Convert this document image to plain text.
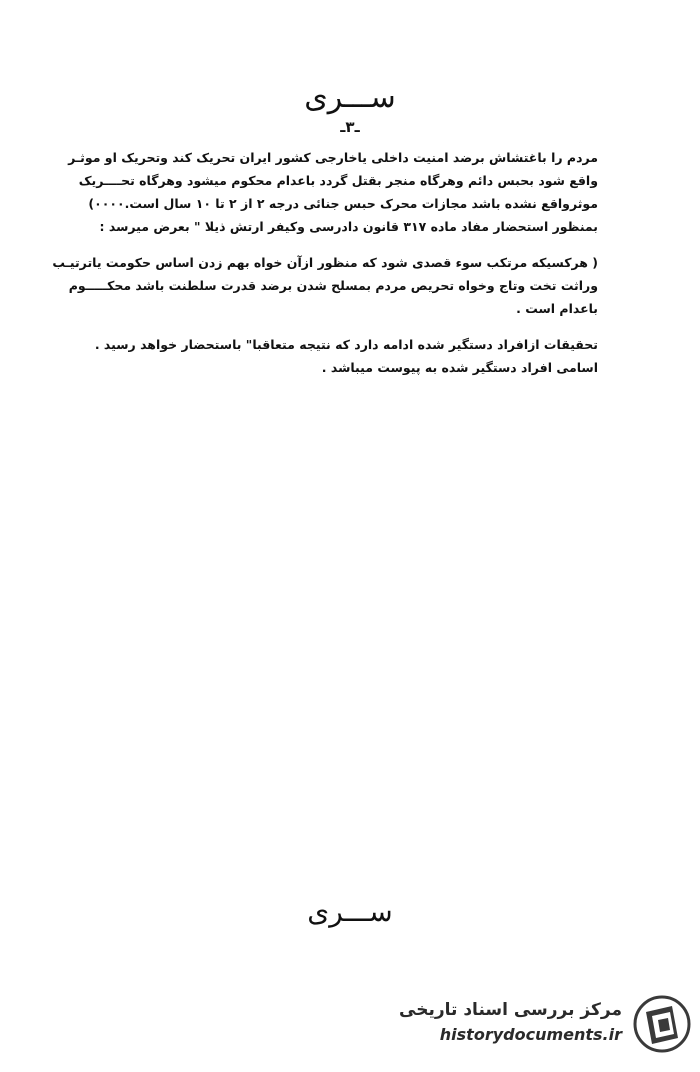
ســـری
ـ٣ـ
مردم را باغتشاش برضد امنیت داخلی یاخارجی کشور ایران تحریک کند وتحریک او موثـر
واقع شود بحبس دائم وهرگاه منجر بقتل گردد باعدام محکوم میشود وهرگاه تحــــریک
موثرواقع نشده باشد مجازات محرک حبس جنائی درجه ٢ از ٢ تا ١٠ سال است.٠٠٠٠)
بمنظور استحضار مفاد ماده ٣١٧ قانون دادرسی وکیفر ارتش ذیلا " بعرض میرسد :
( هرکسیکه مرتکب سوء قصدی شود که منظور ازآن خواه بهم زدن اساس حکومت یاترتیـب
وراثت تخت وتاج وخواه تحریص مردم بمسلح شدن برضد قدرت سلطنت باشد محکـــــوم
باعدام است .
تحقیقات ازافراد دستگیر شده ادامه دارد که نتیجه متعاقبا" باستحضار خواهد رسید .
اسامی افراد دستگیر شده به پیوست میباشد .
ســـری
مرکز بررسی اسناد تاریخی
historydocuments.ir
